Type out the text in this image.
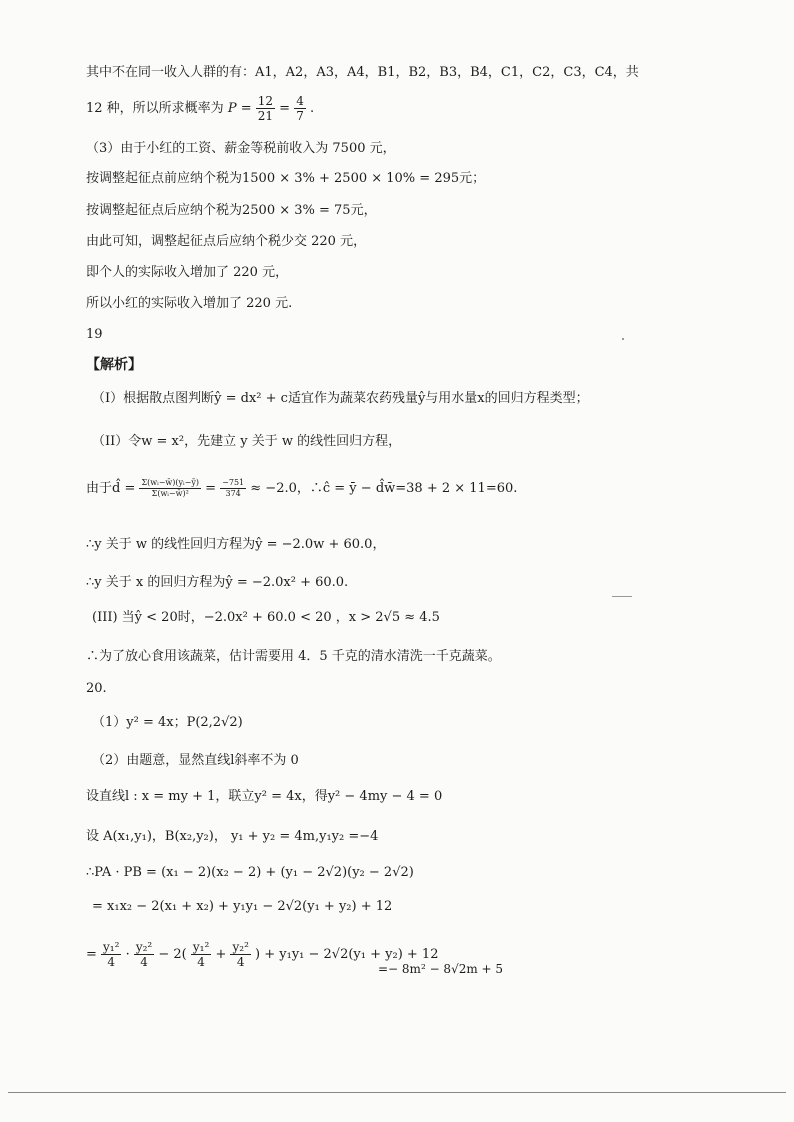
其中不在同一收入人群的有：A1，A2，A3，A4，B1，B2，B3，B4，C1，C2，C3，C4，共
12 种，所以所求概率为 $P = \frac{12}{21} = \frac{4}{7}$ .
（3）由于小红的工资、薪金等税前收入为 7500 元，
按调整起征点前应纳个税为1500 × 3% + 2500 × 10% = 295元；
按调整起征点后应纳个税为2500 × 3% = 75元，
由此可知，调整起征点后应纳个税少交 220 元，
即个人的实际收入增加了 220 元，
所以小红的实际收入增加了 220 元.
19
【解析】
（I）根据散点图判断ŷ = dx² + c适宜作为蔬菜农药残量ŷ与用水量x的回归方程类型；
（II）令w = x²，先建立 y 关于 w 的线性回归方程，
由于d̂ = $\frac{\text{Σ(wᵢ−w̄)(yᵢ−ȳ)}}{\text{Σ(wᵢ−w̄)²}} = \frac{-751}{374} \approx -2.0$，∴ĉ = ȳ − d̂w̄=38 + 2 × 11=60.
∴y 关于 w 的线性回归方程为ŷ = −2.0w + 60.0，
∴y 关于 x 的回归方程为ŷ = −2.0x² + 60.0.
(III) 当ŷ < 20时，−2.0x² + 60.0 < 20 ，x > 2√5 ≈ 4.5
∴为了放心食用该蔬菜，估计需要用 4．5 千克的清水清洗一千克蔬菜。
20.
（1）y² = 4x；P(2,2√2)
（2）由题意，显然直线l斜率不为 0
设直线l : x = my + 1，联立y² = 4x，得y² − 4my − 4 = 0
设 A(x₁,y₁)，B(x₂,y₂)， y₁ + y₂ = 4m,y₁y₂ =−4
∴PA · PB = (x₁ − 2)(x₂ − 2) + (y₁ − 2√2)(y₂ − 2√2)
= x₁x₂ − 2(x₁ + x₂) + y₁y₁ − 2√2(y₁ + y₂) + 12
= $\frac{\text{y₁²}}{4} \cdot \frac{\text{y₂²}}{4} - 2( \frac{\text{y₁²}}{4} + \frac{\text{y₂²}}{4}$ ) + y₁y₁ − 2√2(y₁ + y₂) + 12
=− 8m² − 8√2m + 5
